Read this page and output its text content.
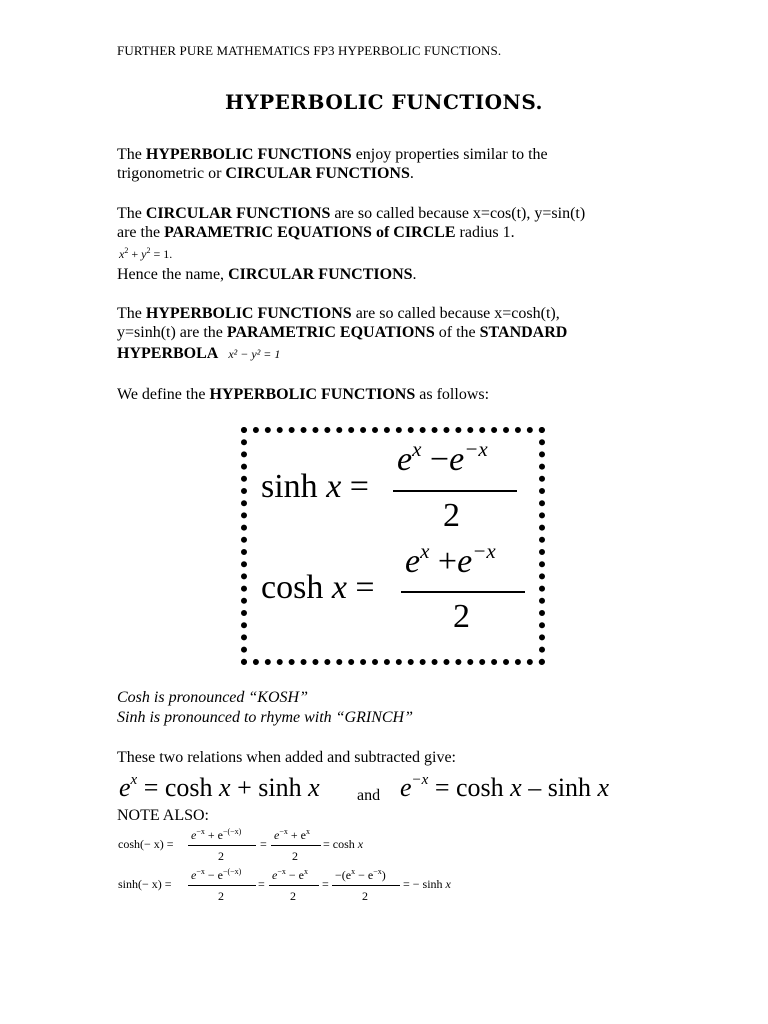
FURTHER PURE MATHEMATICS FP3 HYPERBOLIC FUNCTIONS.
HYPERBOLIC FUNCTIONS.
The HYPERBOLIC FUNCTIONS enjoy properties similar to the
trigonometric or CIRCULAR FUNCTIONS.
The CIRCULAR FUNCTIONS are so called because x=cos(t), y=sin(t)
are the PARAMETRIC EQUATIONS of CIRCLE radius 1.
$x^2 + y^2 = 1$.
Hence the name, CIRCULAR FUNCTIONS.
The HYPERBOLIC FUNCTIONS are so called because x=cosh(t),
y=sinh(t) are the PARAMETRIC EQUATIONS of the STANDARD
HYPERBOLA x² − y² = 1
We define the HYPERBOLIC FUNCTIONS as follows:
sinh x =
$e^x -e^{-x}$
2
cosh x =
$e^x +e^{-x}$
2
Cosh is pronounced “KOSH”
Sinh is pronounced to rhyme with “GRINCH”
These two relations when added and subtracted give:
$e^x = \cosh x + \sinh x$ and $e^{-x} = \cosh x - \sinh x$
NOTE ALSO:
cosh(− x) =
$e^{-x} + e^{-(-x)}$
2
=
$e^{-x} + e^x$
2
= cosh x
sinh(− x) =
$e^{-x} - e^{-(-x)}$
2
=
$e^{-x} - e^x$
2
=
$-(e^x - e^{-x})$
2
= − sinh x
